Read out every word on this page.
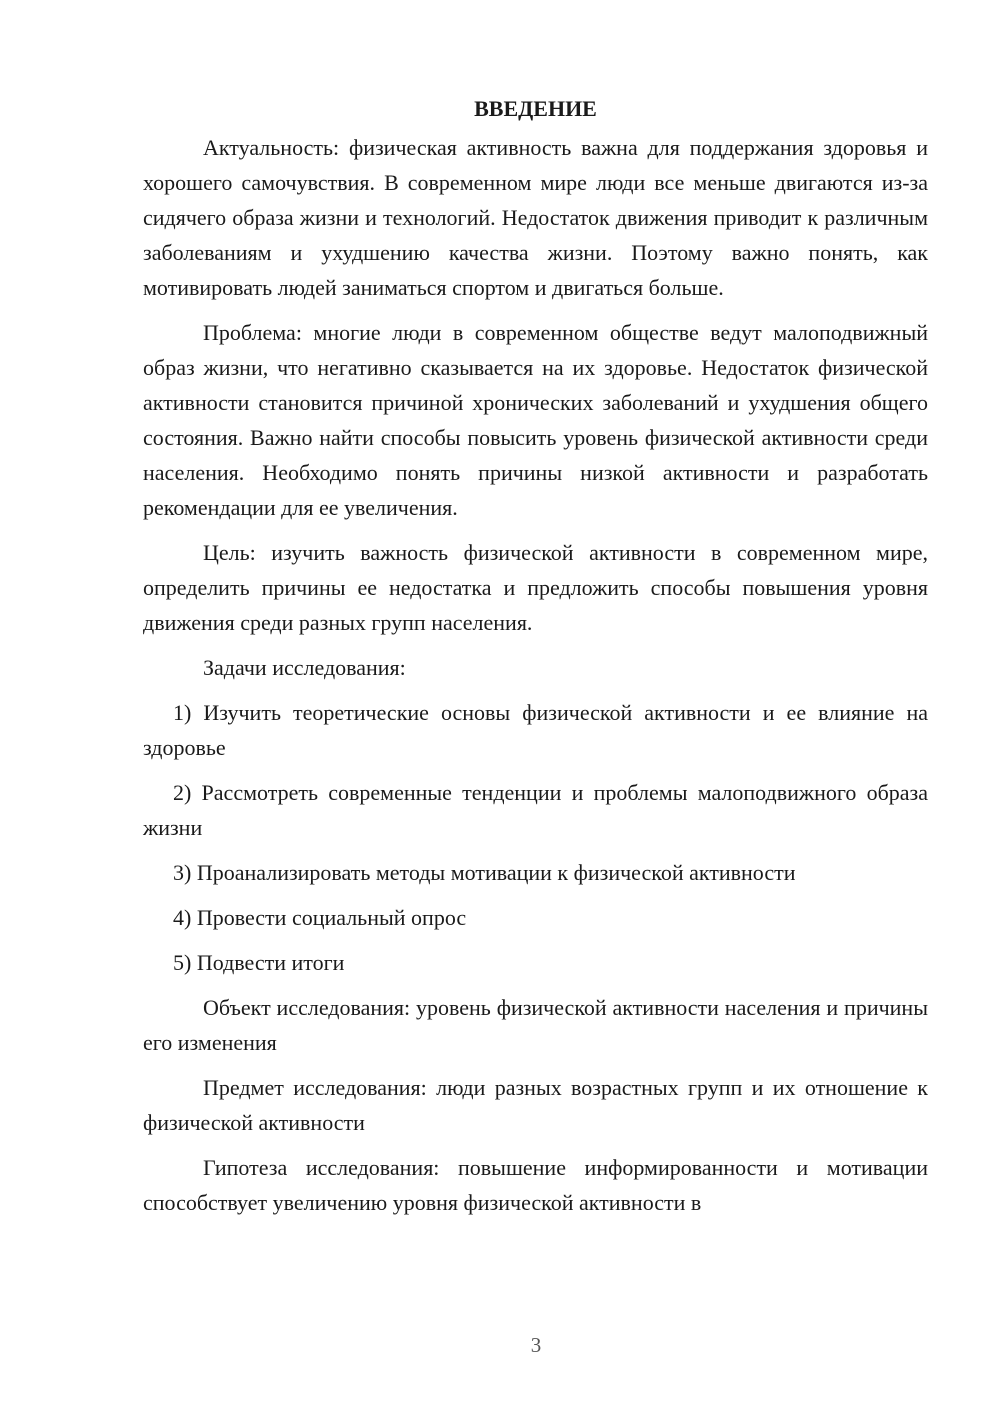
ВВЕДЕНИЕ

Актуальность: физическая активность важна для поддержания здоровья и хорошего самочувствия. В современном мире люди все меньше двигаются из-за сидячего образа жизни и технологий. Недостаток движения приводит к различным заболеваниям и ухудшению качества жизни. Поэтому важно понять, как мотивировать людей заниматься спортом и двигаться больше.

Проблема: многие люди в современном обществе ведут малоподвижный образ жизни, что негативно сказывается на их здоровье. Недостаток физической активности становится причиной хронических заболеваний и ухудшения общего состояния. Важно найти способы повысить уровень физической активности среди населения. Необходимо понять причины низкой активности и разработать рекомендации для ее увеличения.

Цель: изучить важность физической активности в современном мире, определить причины ее недостатка и предложить способы повышения уровня движения среди разных групп населения.

Задачи исследования:

1) Изучить теоретические основы физической активности и ее влияние на здоровье

2) Рассмотреть современные тенденции и проблемы малоподвижного образа жизни

3) Проанализировать методы мотивации к физической активности

4) Провести социальный опрос

5) Подвести итоги

Объект исследования: уровень физической активности населения и причины его изменения

Предмет исследования: люди разных возрастных групп и их отношение к физической активности

Гипотеза исследования: повышение информированности и мотивации способствует увеличению уровня физической активности в

3
